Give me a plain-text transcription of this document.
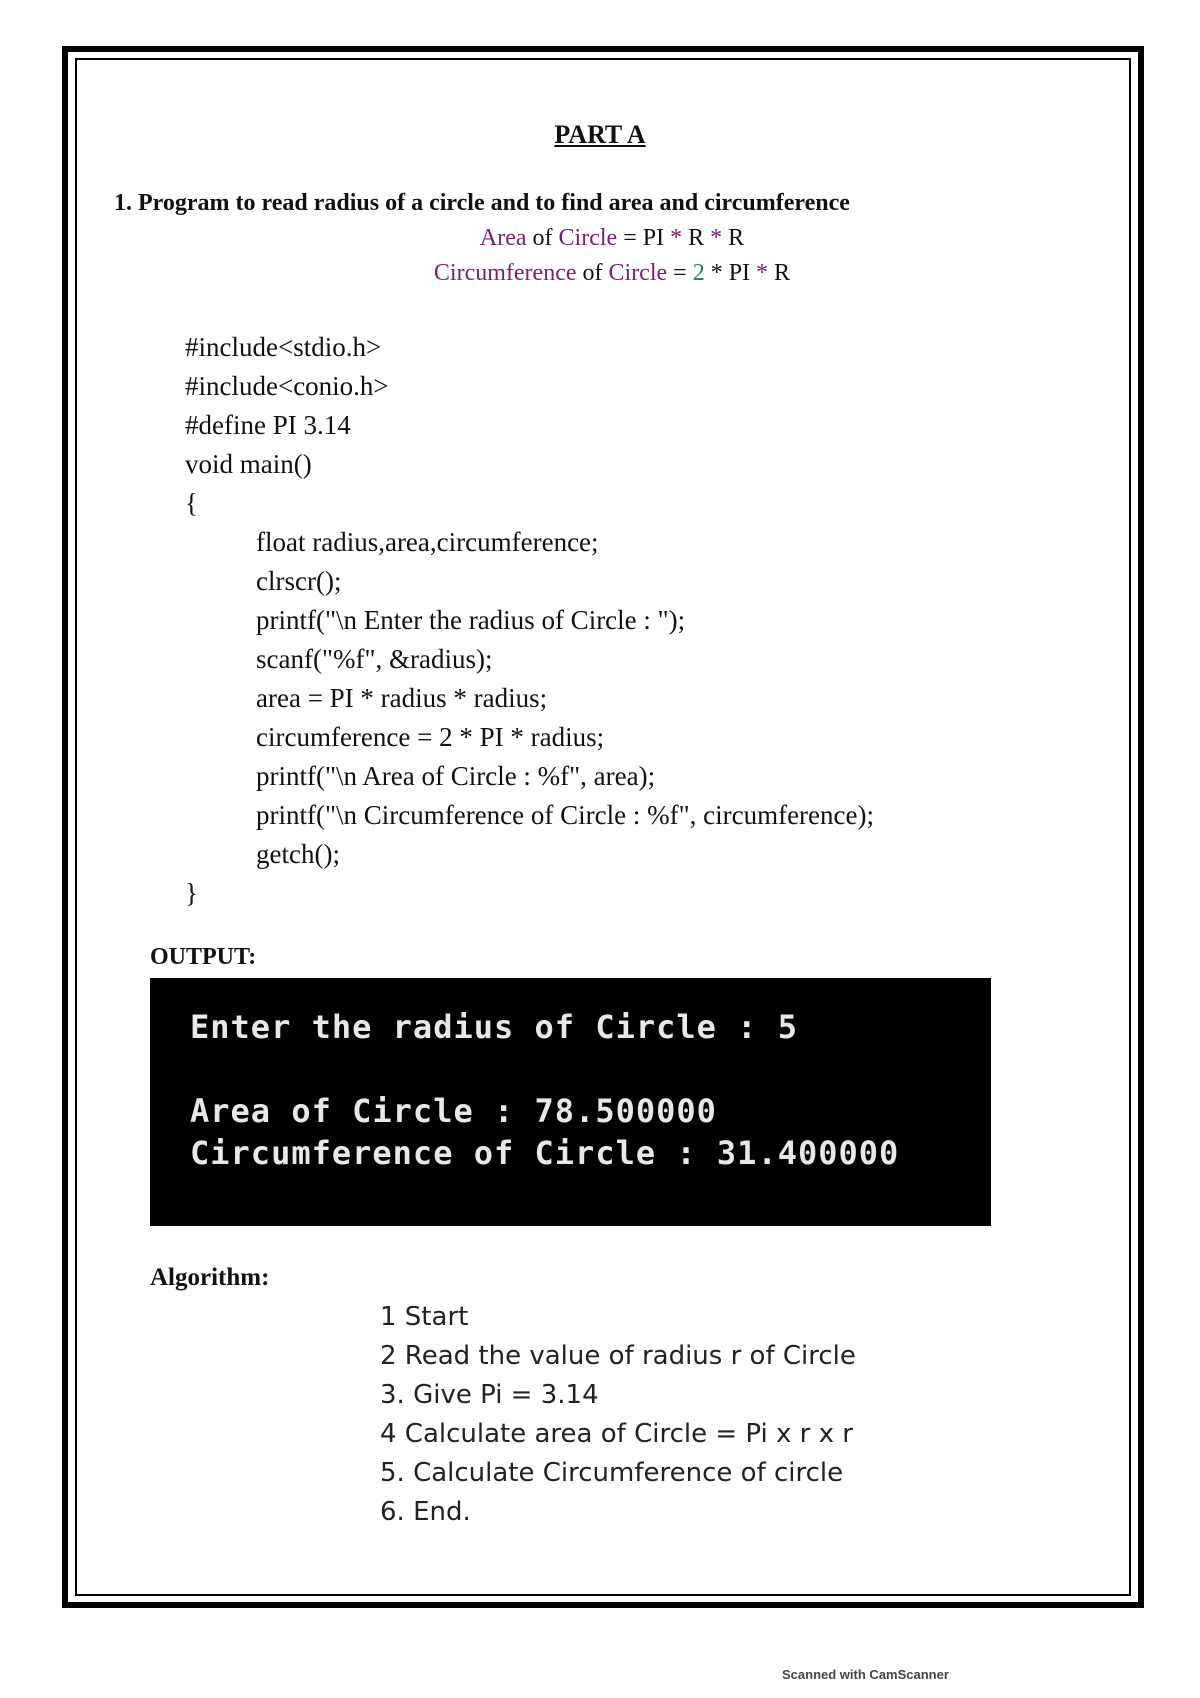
PART A
1. Program to read radius of a circle and to find area and circumference
Area of Circle = PI * R * R
Circumference of Circle = 2 * PI * R
#include<stdio.h>
#include<conio.h>
#define PI 3.14
void main()
{
float radius,area,circumference;
clrscr();
printf("\n Enter the radius of Circle : ");
scanf("%f", &radius);
area = PI * radius * radius;
circumference = 2 * PI * radius;
printf("\n Area of Circle : %f", area);
printf("\n Circumference of Circle : %f", circumference);
getch();
}
OUTPUT:
Enter the radius of Circle : 5
Area of Circle : 78.500000
Circumference of Circle : 31.400000
Algorithm:
1 Start
2 Read the value of radius r of Circle
3. Give Pi = 3.14
4 Calculate area of Circle = Pi x r x r
5. Calculate Circumference of circle
6. End.
Scanned with CamScanner
